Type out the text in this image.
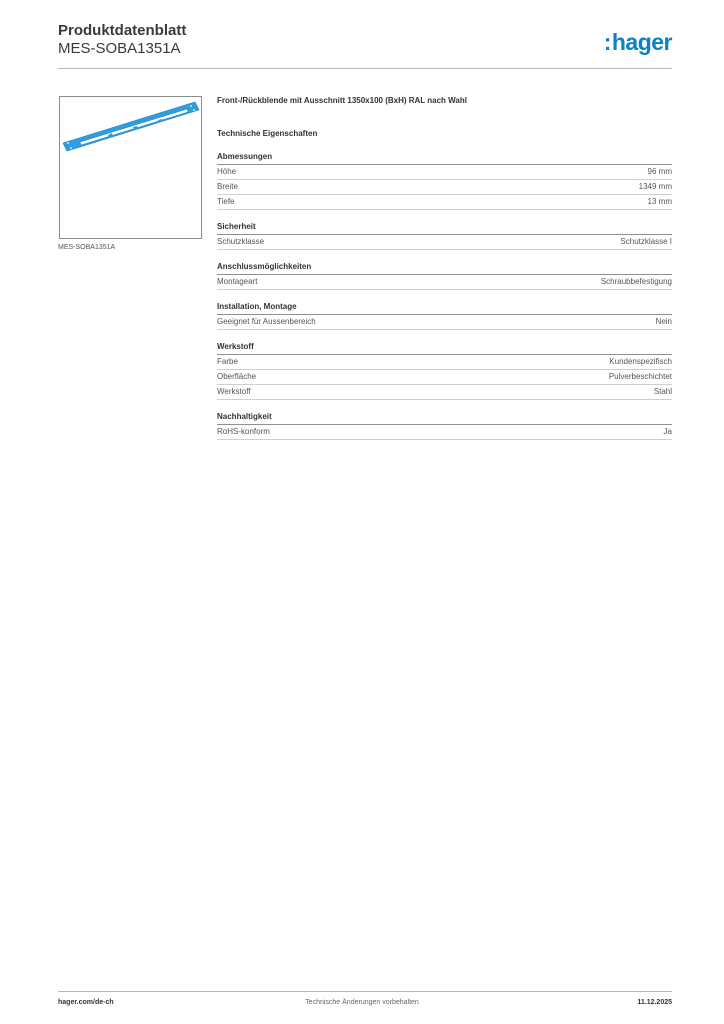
Produktdatenblatt
MES-SOBA1351A	:hager
MES-SOBA1351A
Front-/Rückblende mit Ausschnitt 1350x100 (BxH) RAL nach Wahl
Technische Eigenschaften
Abmessungen
Höhe	96 mm
Breite	1349 mm
Tiefe	13 mm
Sicherheit
Schutzklasse	Schutzklasse I
Anschlussmöglichkeiten
Montageart	Schraubbefestigung
Installation, Montage
Geeignet für Aussenbereich	Nein
Werkstoff
Farbe	Kundenspezifisch
Oberfläche	Pulverbeschichtet
Werkstoff	Stahl
Nachhaltigkeit
RoHS-konform	Ja
hager.com/de-ch	Technische Änderungen vorbehalten	11.12.2025
